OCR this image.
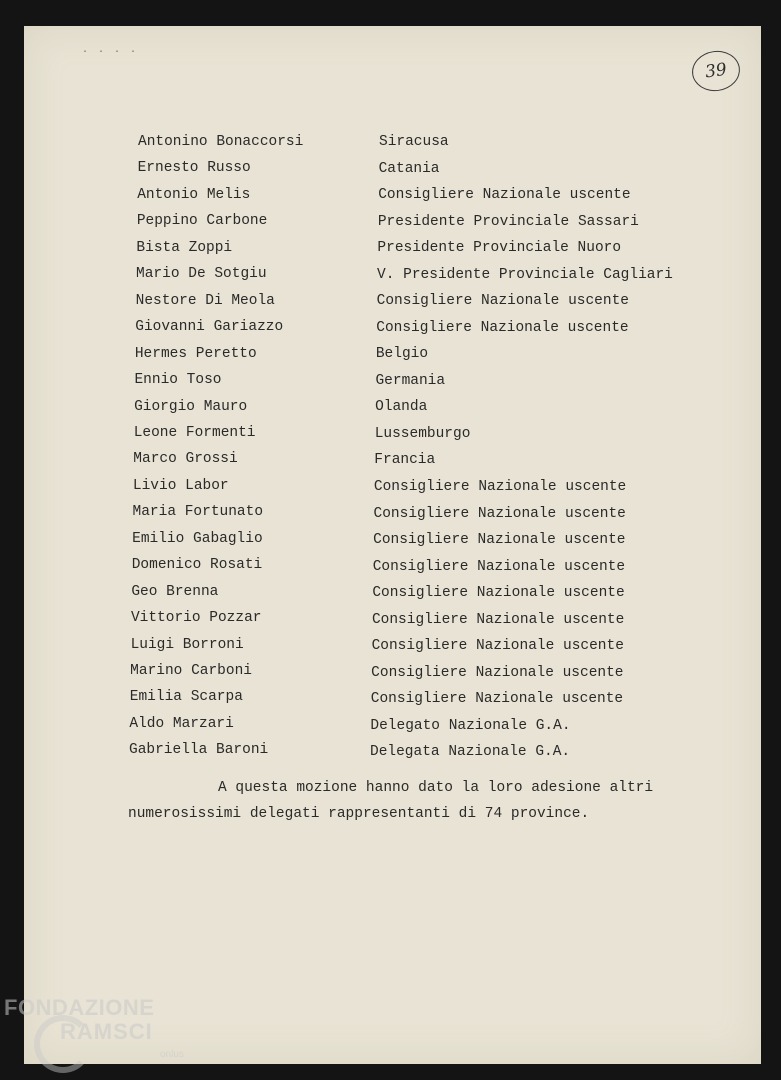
. . . .
39
Antonino Bonaccorsi	Siracusa
Ernesto Russo	Catania
Antonio Melis	Consigliere Nazionale uscente
Peppino Carbone	Presidente Provinciale Sassari
Bista Zoppi	Presidente Provinciale Nuoro
Mario De Sotgiu	V. Presidente Provinciale Cagliari
Nestore Di Meola	Consigliere Nazionale uscente
Giovanni Gariazzo	Consigliere Nazionale uscente
Hermes Peretto	Belgio
Ennio Toso	Germania
Giorgio Mauro	Olanda
Leone Formenti	Lussemburgo
Marco Grossi	Francia
Livio Labor	Consigliere Nazionale uscente
Maria Fortunato	Consigliere Nazionale uscente
Emilio Gabaglio	Consigliere Nazionale uscente
Domenico Rosati	Consigliere Nazionale uscente
Geo Brenna	Consigliere Nazionale uscente
Vittorio Pozzar	Consigliere Nazionale uscente
Luigi Borroni	Consigliere Nazionale uscente
Marino Carboni	Consigliere Nazionale uscente
Emilia Scarpa	Consigliere Nazionale uscente
Aldo Marzari	Delegato Nazionale G.A.
Gabriella Baroni	Delegata Nazionale G.A.
A questa mozione hanno dato la loro adesione altri
numerosissimi delegati rappresentanti di 74 province.
FONDAZIONE
RAMSCI
onlus
